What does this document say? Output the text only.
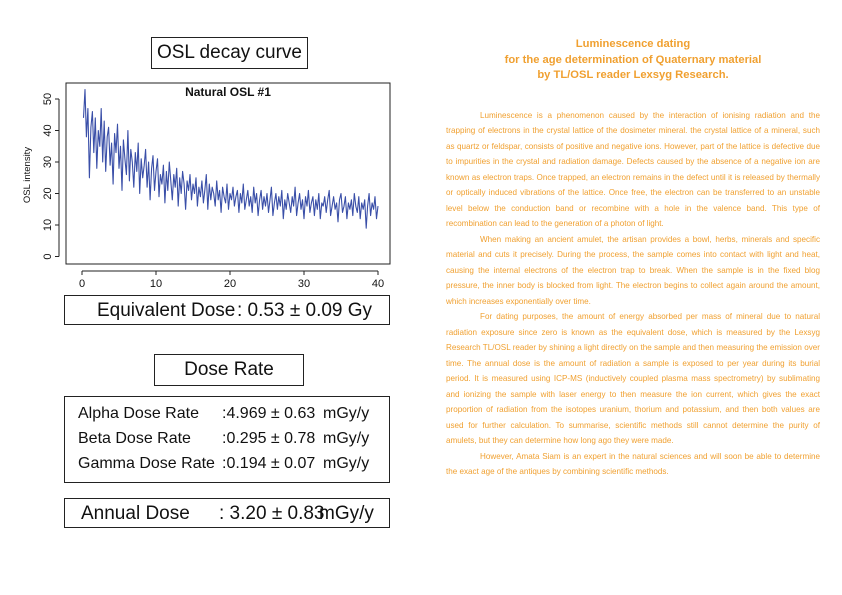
OSL decay curve
Natural OSL #1
OSL intensity
0	10	20	30	40
0
10
20
30
40
50
Equivalent Dose : 0.53 ± 0.09 Gy
Dose Rate
Alpha Dose Rate :4.969 ± 0.63 mGy/y
Beta Dose Rate :0.295 ± 0.78 mGy/y
Gamma Dose Rate :0.194 ± 0.07 mGy/y
Annual Dose : 3.20 ± 0.83
mGy/y
Luminescence dating
for the age determination of Quaternary material
by TL/OSL reader Lexsyg Research.

Luminescence is a phenomenon caused by the interaction of ionising radiation and the trapping of electrons in the crystal lattice of the dosimeter mineral. the crystal lattice of a mineral, such as quartz or feldspar, consists of positive and negative ions. However, part of the lattice is defective due to impurities in the crystal and radiation damage. Defects caused by the absence of a negative ion are known as electron traps. Once trapped, an electron remains in the defect until it is released by thermally or optically induced vibrations of the lattice. Once free, the electron can be transferred to an unstable level below the conduction band or recombine with a hole in the valence band. This type of recombination can lead to the generation of a photon of light.

When making an ancient amulet, the artisan provides a bowl, herbs, minerals and specific material and cuts it precisely. During the process, the sample comes into contact with light and heat, causing the internal electrons of the electron trap to break. When the sample is in the fixed blog pressure, the inner body is blocked from light. The electron begins to collect again around the amount, which increases exponentially over time.

For dating purposes, the amount of energy absorbed per mass of mineral due to natural radiation exposure since zero is known as the equivalent dose, which is measured by the Lexsyg Research TL/OSL reader by shining a light directly on the sample and then measuring the emission over time. The annual dose is the amount of radiation a sample is exposed to per year during its burial period. It is measured using ICP-MS (inductively coupled plasma mass spectrometry) by sublimating and ionizing the sample with laser energy to then measure the ion current, which gives the exact proportion of radiation from the isotopes uranium, thorium and potassium, and then both values are used for further calculation. To summarise, scientific methods still cannot determine the purity of amulets, but they can determine how long ago they were made.

However, Amata Siam is an expert in the natural sciences and will soon be able to determine the exact age of the antiques by combining scientific methods.
